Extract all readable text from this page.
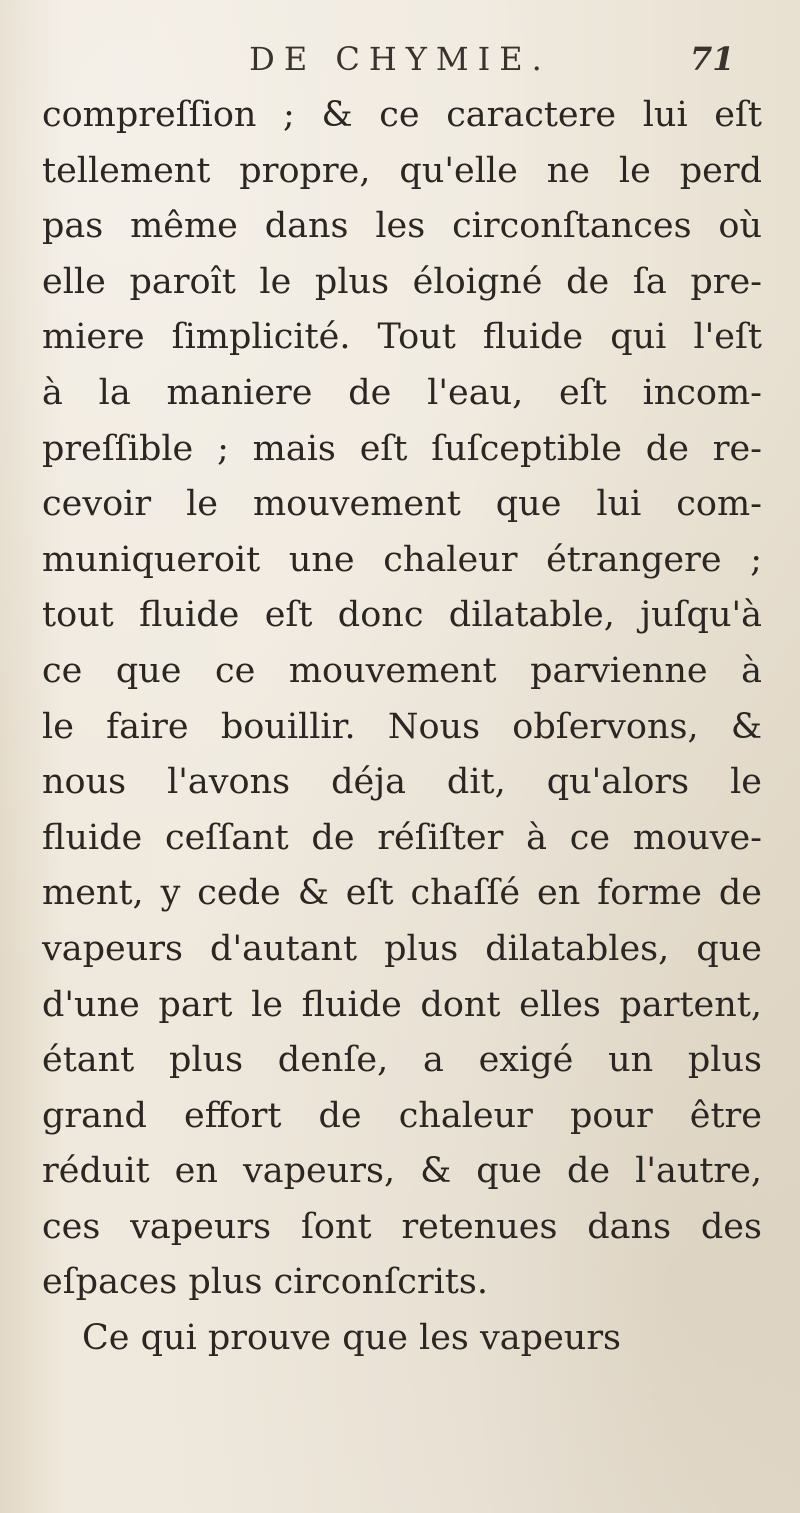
DE CHYMIE.	71
compreſſion ; & ce caractere lui eſt
tellement propre, qu'elle ne le perd
pas même dans les circonſtances où
elle paroît le plus éloigné de ſa pre-
miere ſimplicité. Tout fluide qui l'eſt
à la maniere de l'eau, eſt incom-
preſſible ; mais eſt ſuſceptible de re-
cevoir le mouvement que lui com-
muniqueroit une chaleur étrangere ;
tout fluide eſt donc dilatable, juſqu'à
ce que ce mouvement parvienne à
le faire bouillir. Nous obſervons, &
nous l'avons déja dit, qu'alors le
fluide ceſſant de réſiſter à ce mouve-
ment, y cede & eſt chaſſé en forme de
vapeurs d'autant plus dilatables, que
d'une part le fluide dont elles partent,
étant plus denſe, a exigé un plus
grand effort de chaleur pour être
réduit en vapeurs, & que de l'autre,
ces vapeurs ſont retenues dans des
eſpaces plus circonſcrits.
Ce qui prouve que les vapeurs
